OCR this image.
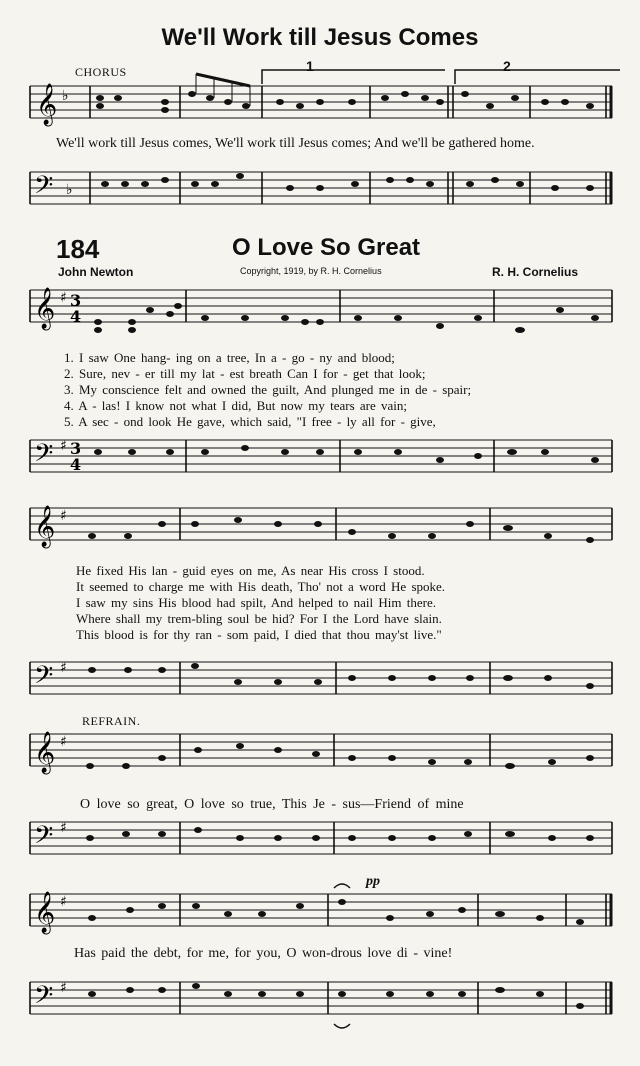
We'll Work till Jesus Comes
CHORUS	1	2
𝄞 ♭
We'll work till Jesus comes, We'll work till Jesus comes; And we'll be gathered home.
𝄢 ♭
184	O Love So Great
John Newton	Copyright, 1919, by R. H. Cornelius	R. H. Cornelius
𝄞 ♯ 3
4
1. I saw One hang- ing on a tree, In a - go - ny and blood;
2. Sure, nev - er till my lat - est breath Can I for - get that look;
3. My conscience felt and owned the guilt, And plunged me in de - spair;
4. A - las! I know not what I did, But now my tears are vain;
5. A sec - ond look He gave, which said, "I free - ly all for - give,
𝄢 ♯ 3
4
𝄞 ♯
He fixed His lan - guid eyes on me, As near His cross I stood.
It seemed to charge me with His death, Tho' not a word He spoke.
I saw my sins His blood had spilt, And helped to nail Him there.
Where shall my trem-bling soul be hid? For I the Lord have slain.
This blood is for thy ran - som paid, I died that thou may'st live."
𝄢 ♯
REFRAIN.
𝄞 ♯
O love so great, O love so true, This Je - sus—Friend of mine
𝄢 ♯
pp
𝄞 ♯
Has paid the debt, for me, for you, O won-drous love di - vine!
𝄢 ♯
